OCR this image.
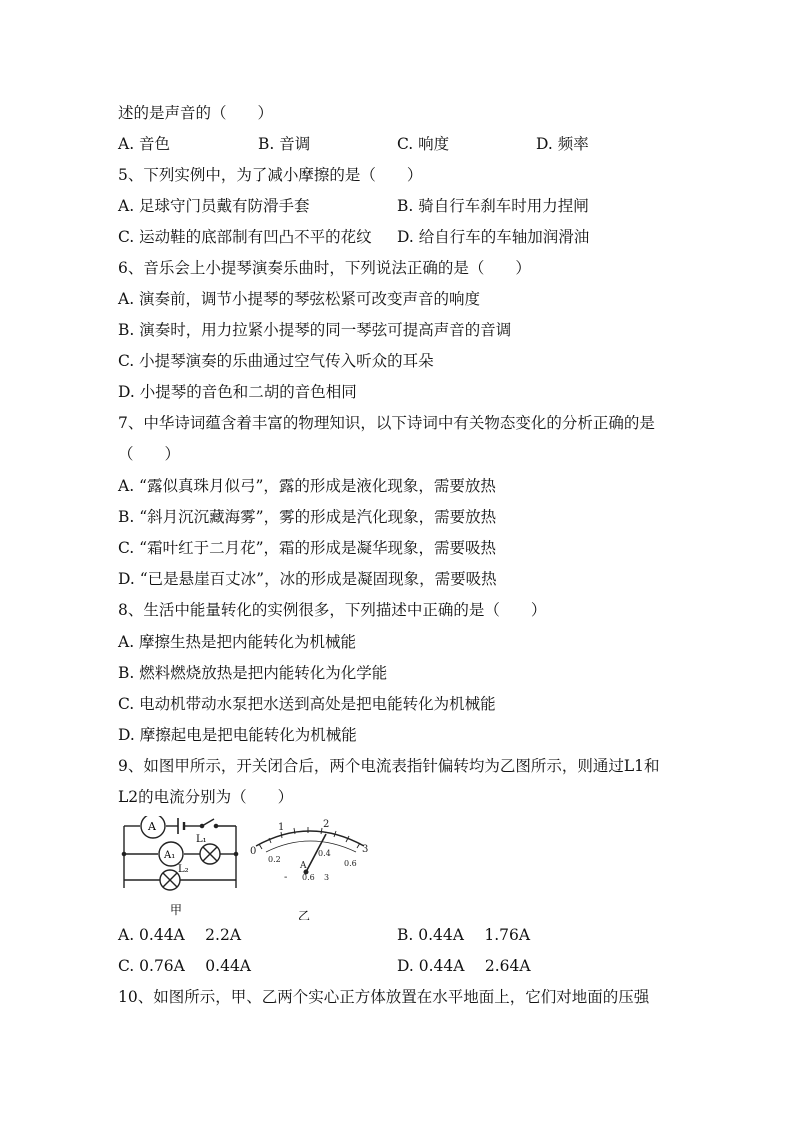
述的是声音的（　　）
5、下列实例中，为了减小摩擦的是（　　）
6、音乐会上小提琴演奏乐曲时，下列说法正确的是（　　）
A. 演奏前，调节小提琴的琴弦松紧可改变声音的响度
B. 演奏时，用力拉紧小提琴的同一琴弦可提高声音的音调
C. 小提琴演奏的乐曲通过空气传入听众的耳朵
D. 小提琴的音色和二胡的音色相同
7、中华诗词蕴含着丰富的物理知识，以下诗词中有关物态变化的分析正确的是
（　　）
A. “露似真珠月似弓”，露的形成是液化现象，需要放热
B. “斜月沉沉藏海雾”，雾的形成是汽化现象，需要放热
C. “霜叶红于二月花”，霜的形成是凝华现象，需要吸热
D. “已是悬崖百丈冰”，冰的形成是凝固现象，需要吸热
8、生活中能量转化的实例很多，下列描述中正确的是（　　）
A. 摩擦生热是把内能转化为机械能
B. 燃料燃烧放热是把内能转化为化学能
C. 电动机带动水泵把水送到高处是把电能转化为机械能
D. 摩擦起电是把电能转化为机械能
9、如图甲所示，开关闭合后，两个电流表指针偏转均为乙图所示，则通过L1和
L2的电流分别为（　　）
10、如图所示，甲、乙两个实心正方体放置在水平地面上，它们对地面的压强
A. 音色	B. 音调	C. 响度	D. 频率
A. 足球守门员戴有防滑手套	B. 骑自行车刹车时用力捏闸
C. 运动鞋的底部制有凹凸不平的花纹 D. 给自行车的车轴加润滑油
A
A₁
L₁
L₂
0
1	2
3
0.2
0.4
0.6
A
- 0.6 3
甲	乙
A. 0.44A　 2.2A	B. 0.44A　 1.76A
C. 0.76A　 0.44A	D. 0.44A　 2.64A
